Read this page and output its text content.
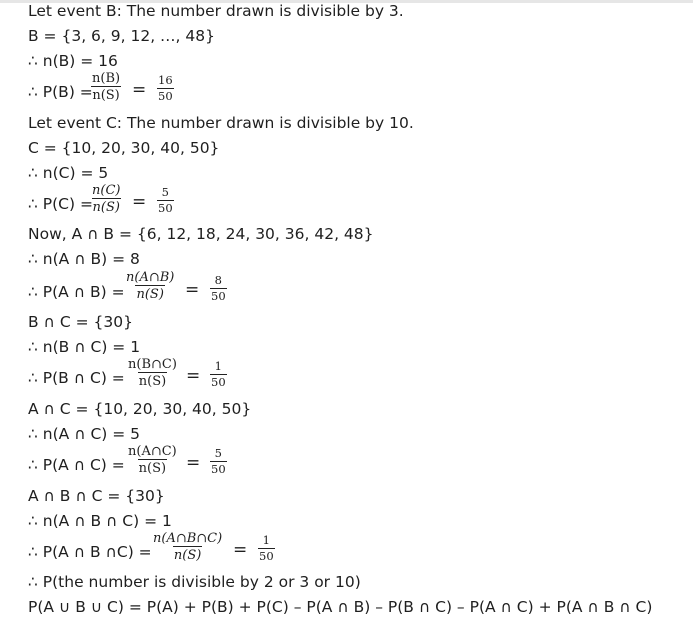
Let event B: The number drawn is divisible by 3.
B = {3, 6, 9, 12, …, 48}
∴ n(B) = 16
∴ P(B) =
$\frac{n(B)}{n(S)} = \frac{16}{50}$
Let event C: The number drawn is divisible by 10.
C = {10, 20, 30, 40, 50}
∴ n(C) = 5
∴ P(C) =
$\frac{n(C)}{n(S)} = \frac{5}{50}$
Now, A ∩ B = {6, 12, 18, 24, 30, 36, 42, 48}
∴ n(A ∩ B) = 8
∴ P(A ∩ $B) = \frac{n(A\cap B)}{n(S)} = \frac{8}{50}$
B ∩ C = {30}
∴ n(B ∩ C) = 1
∴ P(B ∩ $C) = \frac{n(B\cap C)}{n(S)} = \frac{1}{50}$
A ∩ C = {10, 20, 30, 40, 50}
∴ n(A ∩ C) = 5
∴ P(A ∩ $C) = \frac{n(A\cap C)}{n(S)} = \frac{5}{50}$
A ∩ B ∩ C = {30}
∴ n(A ∩ B ∩ C) = 1
∴ P(A ∩ B ∩C) = $\frac{n(A\cap B\cap C)}{n(S)} = \frac{1}{50}$
∴ P(the number is divisible by 2 or 3 or 10)
P(A ∪ B ∪ C) = P(A) + P(B) + P(C) – P(A ∩ B) – P(B ∩ C) – P(A ∩ C) + P(A ∩ B ∩ C)
